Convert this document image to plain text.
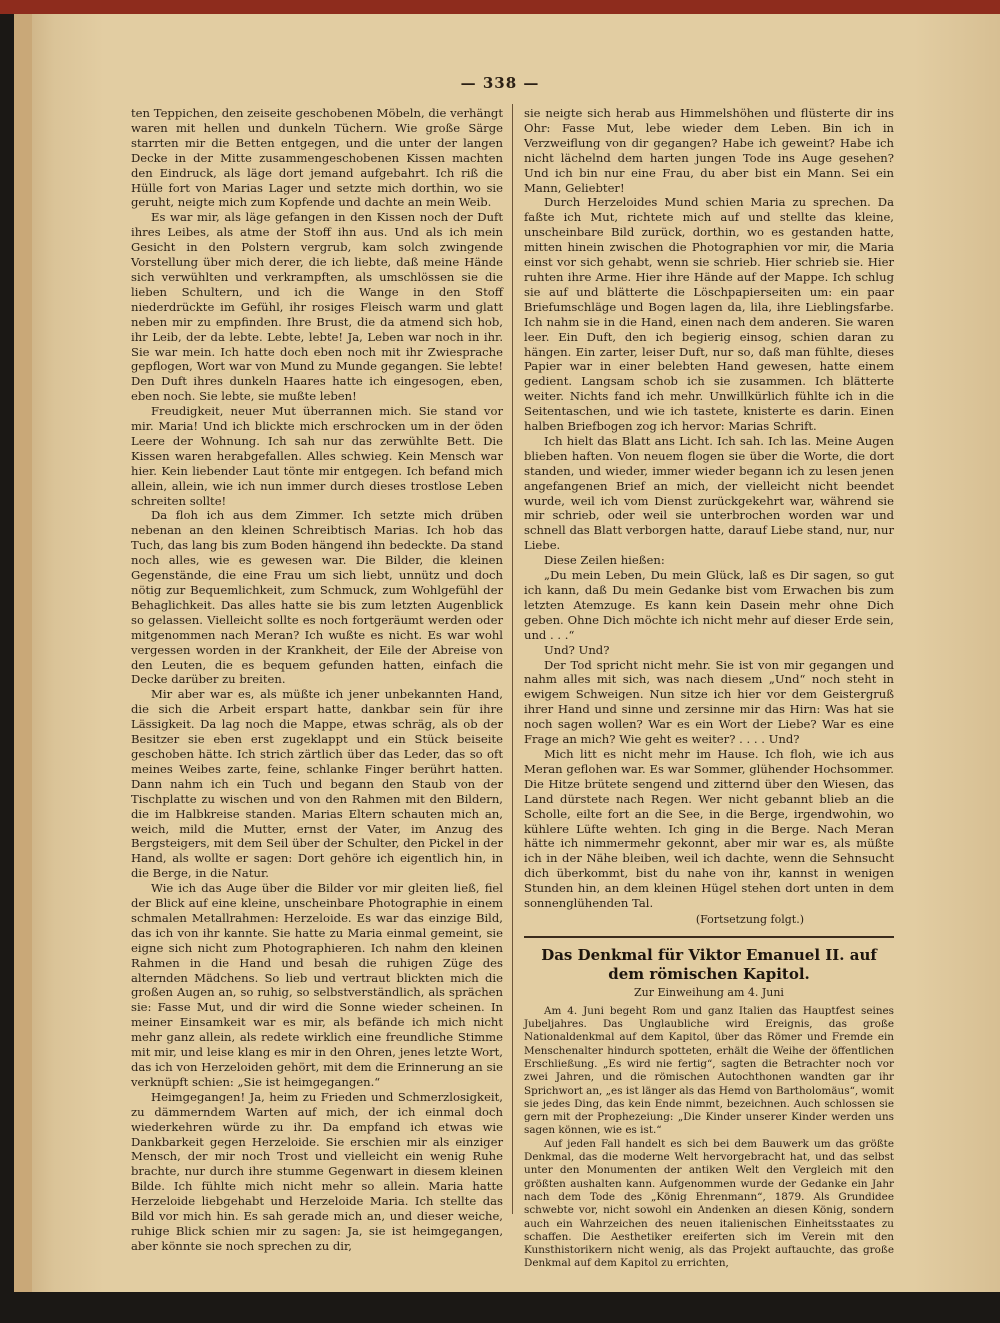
— 338 —

ten Teppichen, den zeiseite geschobenen Möbeln, die verhängt waren mit hellen und dunkeln Tüchern. Wie große Särge starrten mir die Betten entgegen, und die unter der langen Decke in der Mitte zusammengeschobenen Kissen machten den Eindruck, als läge dort jemand aufgebahrt. Ich riß die Hülle fort von Marias Lager und setzte mich dorthin, wo sie geruht, neigte mich zum Kopfende und dachte an mein Weib.

Es war mir, als läge gefangen in den Kissen noch der Duft ihres Leibes, als atme der Stoff ihn aus. Und als ich mein Gesicht in den Polstern vergrub, kam solch zwingende Vorstellung über mich derer, die ich liebte, daß meine Hände sich verwühlten und verkrampften, als umschlössen sie die lieben Schultern, und ich die Wange in den Stoff niederdrückte im Gefühl, ihr rosiges Fleisch warm und glatt neben mir zu empfinden. Ihre Brust, die da atmend sich hob, ihr Leib, der da lebte. Lebte, lebte! Ja, Leben war noch in ihr. Sie war mein. Ich hatte doch eben noch mit ihr Zwiesprache gepflogen, Wort war von Mund zu Munde gegangen. Sie lebte! Den Duft ihres dunkeln Haares hatte ich eingesogen, eben, eben noch. Sie lebte, sie mußte leben!

Freudigkeit, neuer Mut überrannen mich. Sie stand vor mir. Maria! Und ich blickte mich erschrocken um in der öden Leere der Wohnung. Ich sah nur das zerwühlte Bett. Die Kissen waren herabgefallen. Alles schwieg. Kein Mensch war hier. Kein liebender Laut tönte mir entgegen. Ich befand mich allein, allein, wie ich nun immer durch dieses trostlose Leben schreiten sollte!

Da floh ich aus dem Zimmer. Ich setzte mich drüben nebenan an den kleinen Schreibtisch Marias. Ich hob das Tuch, das lang bis zum Boden hängend ihn bedeckte. Da stand noch alles, wie es gewesen war. Die Bilder, die kleinen Gegenstände, die eine Frau um sich liebt, unnütz und doch nötig zur Bequemlichkeit, zum Schmuck, zum Wohlgefühl der Behaglichkeit. Das alles hatte sie bis zum letzten Augenblick so gelassen. Vielleicht sollte es noch fortgeräumt werden oder mitgenommen nach Meran? Ich wußte es nicht. Es war wohl vergessen worden in der Krankheit, der Eile der Abreise von den Leuten, die es bequem gefunden hatten, einfach die Decke darüber zu breiten.

Mir aber war es, als müßte ich jener unbekannten Hand, die sich die Arbeit erspart hatte, dankbar sein für ihre Lässigkeit. Da lag noch die Mappe, etwas schräg, als ob der Besitzer sie eben erst zugeklappt und ein Stück beiseite geschoben hätte. Ich strich zärtlich über das Leder, das so oft meines Weibes zarte, feine, schlanke Finger berührt hatten. Dann nahm ich ein Tuch und begann den Staub von der Tischplatte zu wischen und von den Rahmen mit den Bildern, die im Halbkreise standen. Marias Eltern schauten mich an, weich, mild die Mutter, ernst der Vater, im Anzug des Bergsteigers, mit dem Seil über der Schulter, den Pickel in der Hand, als wollte er sagen: Dort gehöre ich eigentlich hin, in die Berge, in die Natur.

Wie ich das Auge über die Bilder vor mir gleiten ließ, fiel der Blick auf eine kleine, unscheinbare Photographie in einem schmalen Metallrahmen: Herzeloide. Es war das einzige Bild, das ich von ihr kannte. Sie hatte zu Maria einmal gemeint, sie eigne sich nicht zum Photographieren. Ich nahm den kleinen Rahmen in die Hand und besah die ruhigen Züge des alternden Mädchens. So lieb und vertraut blickten mich die großen Augen an, so ruhig, so selbstverständlich, als sprächen sie: Fasse Mut, und dir wird die Sonne wieder scheinen. In meiner Einsamkeit war es mir, als befände ich mich nicht mehr ganz allein, als redete wirklich eine freundliche Stimme mit mir, und leise klang es mir in den Ohren, jenes letzte Wort, das ich von Herzeloiden gehört, mit dem die Erinnerung an sie verknüpft schien: „Sie ist heimgegangen.“

Heimgegangen! Ja, heim zu Frieden und Schmerzlosigkeit, zu dämmerndem Warten auf mich, der ich einmal doch wiederkehren würde zu ihr. Da empfand ich etwas wie Dankbarkeit gegen Herzeloide. Sie erschien mir als einziger Mensch, der mir noch Trost und vielleicht ein wenig Ruhe brachte, nur durch ihre stumme Gegenwart in diesem kleinen Bilde. Ich fühlte mich nicht mehr so allein. Maria hatte Herzeloide liebgehabt und Herzeloide Maria. Ich stellte das Bild vor mich hin. Es sah gerade mich an, und dieser weiche, ruhige Blick schien mir zu sagen: Ja, sie ist heimgegangen, aber könnte sie noch sprechen zu dir,

sie neigte sich herab aus Himmelshöhen und flüsterte dir ins Ohr: Fasse Mut, lebe wieder dem Leben. Bin ich in Verzweiflung von dir gegangen? Habe ich geweint? Habe ich nicht lächelnd dem harten jungen Tode ins Auge gesehen? Und ich bin nur eine Frau, du aber bist ein Mann. Sei ein Mann, Geliebter!

Durch Herzeloides Mund schien Maria zu sprechen. Da faßte ich Mut, richtete mich auf und stellte das kleine, unscheinbare Bild zurück, dorthin, wo es gestanden hatte, mitten hinein zwischen die Photographien vor mir, die Maria einst vor sich gehabt, wenn sie schrieb. Hier schrieb sie. Hier ruhten ihre Arme. Hier ihre Hände auf der Mappe. Ich schlug sie auf und blätterte die Löschpapierseiten um: ein paar Briefumschläge und Bogen lagen da, lila, ihre Lieblingsfarbe. Ich nahm sie in die Hand, einen nach dem anderen. Sie waren leer. Ein Duft, den ich begierig einsog, schien daran zu hängen. Ein zarter, leiser Duft, nur so, daß man fühlte, dieses Papier war in einer belebten Hand gewesen, hatte einem gedient. Langsam schob ich sie zusammen. Ich blätterte weiter. Nichts fand ich mehr. Unwillkürlich fühlte ich in die Seitentaschen, und wie ich tastete, knisterte es darin. Einen halben Briefbogen zog ich hervor: Marias Schrift.

Ich hielt das Blatt ans Licht. Ich sah. Ich las. Meine Augen blieben haften. Von neuem flogen sie über die Worte, die dort standen, und wieder, immer wieder begann ich zu lesen jenen angefangenen Brief an mich, der vielleicht nicht beendet wurde, weil ich vom Dienst zurückgekehrt war, während sie mir schrieb, oder weil sie unterbrochen worden war und schnell das Blatt verborgen hatte, darauf Liebe stand, nur, nur Liebe.

Diese Zeilen hießen:

„Du mein Leben, Du mein Glück, laß es Dir sagen, so gut ich kann, daß Du mein Gedanke bist vom Erwachen bis zum letzten Atemzuge. Es kann kein Dasein mehr ohne Dich geben. Ohne Dich möchte ich nicht mehr auf dieser Erde sein, und . . .“

Und? Und?

Der Tod spricht nicht mehr. Sie ist von mir gegangen und nahm alles mit sich, was nach diesem „Und“ noch steht in ewigem Schweigen. Nun sitze ich hier vor dem Geistergruß ihrer Hand und sinne und zersinne mir das Hirn: Was hat sie noch sagen wollen? War es ein Wort der Liebe? War es eine Frage an mich? Wie geht es weiter? . . . . Und?

Mich litt es nicht mehr im Hause. Ich floh, wie ich aus Meran geflohen war. Es war Sommer, glühender Hochsommer. Die Hitze brütete sengend und zitternd über den Wiesen, das Land dürstete nach Regen. Wer nicht gebannt blieb an die Scholle, eilte fort an die See, in die Berge, irgendwohin, wo kühlere Lüfte wehten. Ich ging in die Berge. Nach Meran hätte ich nimmermehr gekonnt, aber mir war es, als müßte ich in der Nähe bleiben, weil ich dachte, wenn die Sehnsucht dich überkommt, bist du nahe von ihr, kannst in wenigen Stunden hin, an dem kleinen Hügel stehen dort unten in dem sonnenglühenden Tal.

(Fortsetzung folgt.)

Das Denkmal für Viktor Emanuel II. auf dem römischen Kapitol.

Zur Einweihung am 4. Juni

Am 4. Juni begeht Rom und ganz Italien das Hauptfest seines Jubeljahres. Das Unglaubliche wird Ereignis, das große Nationaldenkmal auf dem Kapitol, über das Römer und Fremde ein Menschenalter hindurch spotteten, erhält die Weihe der öffentlichen Erschließung. „Es wird nie fertig“, sagten die Betrachter noch vor zwei Jahren, und die römischen Autochthonen wandten gar ihr Sprichwort an, „es ist länger als das Hemd von Bartholomäus“, womit sie jedes Ding, das kein Ende nimmt, bezeichnen. Auch schlossen sie gern mit der Prophezeiung: „Die Kinder unserer Kinder werden uns sagen können, wie es ist.“

Auf jeden Fall handelt es sich bei dem Bauwerk um das größte Denkmal, das die moderne Welt hervorgebracht hat, und das selbst unter den Monumenten der antiken Welt den Vergleich mit den größten aushalten kann. Aufgenommen wurde der Gedanke ein Jahr nach dem Tode des „König Ehrenmann“, 1879. Als Grundidee schwebte vor, nicht sowohl ein Andenken an diesen König, sondern auch ein Wahrzeichen des neuen italienischen Einheitsstaates zu schaffen. Die Aesthetiker ereiferten sich im Verein mit den Kunsthistorikern nicht wenig, als das Projekt auftauchte, das große Denkmal auf dem Kapitol zu errichten,
